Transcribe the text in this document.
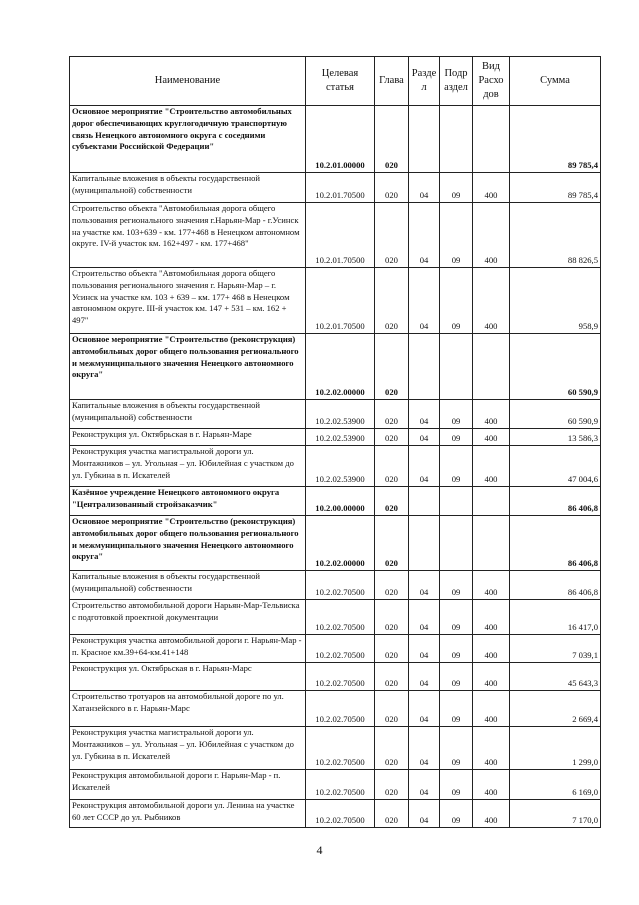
Наименование	Целевая статья	Глава	Разде л	Подр аздел	Вид Расхо дов	Сумма
Основное мероприятие "Строительство автомобильных дорог обеспечивающих круглогодичную транспортную связь Ненецкого автономного округа с соседними субъектами Российской Федерации"	10.2.01.00000	020				89 785,4
Капитальные вложения в объекты государственной (муниципальной) собственности	10.2.01.70500	020	04	09	400	89 785,4
Строительство объекта "Автомобильная дорога общего пользования регионального значения г.Нарьян-Мар - г.Усинск на участке км. 103+639 - км. 177+468 в Ненецком автономном округе. IV-й участок км. 162+497 - км. 177+468"	10.2.01.70500	020	04	09	400	88 826,5
Строительство объекта "Автомобильная дорога общего пользования регионального значения г. Нарьян-Мар – г. Усинск на участке км. 103 + 639 – км. 177+ 468 в Ненецком автономном округе. III-й участок км. 147 + 531 – км. 162 + 497"	10.2.01.70500	020	04	09	400	958,9
Основное мероприятие "Строительство (реконструкция) автомобильных дорог общего пользования регионального и межмуниципального значения Ненецкого автономного округа"	10.2.02.00000	020				60 590,9
Капитальные вложения в объекты государственной (муниципальной) собственности	10.2.02.53900	020	04	09	400	60 590,9
Реконструкция ул. Октябрьская в г. Нарьян-Маре	10.2.02.53900	020	04	09	400	13 586,3
Реконструкция участка магистральной дороги ул. Монтажников – ул. Угольная – ул. Юбилейная с участком до ул. Губкина в п. Искателей	10.2.02.53900	020	04	09	400	47 004,6
Казённое учреждение Ненецкого автономного округа "Централизованный стройзаказчик"	10.2.00.00000	020				86 406,8
Основное мероприятие "Строительство (реконструкция) автомобильных дорог общего пользования регионального и межмуниципального значения Ненецкого автономного округа"	10.2.02.00000	020				86 406,8
Капитальные вложения в объекты государственной (муниципальной) собственности	10.2.02.70500	020	04	09	400	86 406,8
Строительство автомобильной дороги Нарьян-Мар-Тельвиска с подготовкой проектной документации	10.2.02.70500	020	04	09	400	16 417,0
Реконструкция участка автомобильной дороги г. Нарьян-Мар - п. Красное км.39+64-км.41+148	10.2.02.70500	020	04	09	400	7 039,1
Реконструкция ул. Октябрьская в г. Нарьян-Марс	10.2.02.70500	020	04	09	400	45 643,3
Строительство тротуаров на автомобильной дороге по ул. Хатанзейского в г. Нарьян-Марс	10.2.02.70500	020	04	09	400	2 669,4
Реконструкция участка магистральной дороги ул. Монтажников – ул. Угольная – ул. Юбилейная с участком до ул. Губкина в п. Искателей	10.2.02.70500	020	04	09	400	1 299,0
Реконструкция автомобильной дороги г. Нарьян-Мар - п. Искателей	10.2.02.70500	020	04	09	400	6 169,0
Реконструкция автомобильной дороги ул. Ленина на участке 60 лет СССР до ул. Рыбников	10.2.02.70500	020	04	09	400	7 170,0
4
